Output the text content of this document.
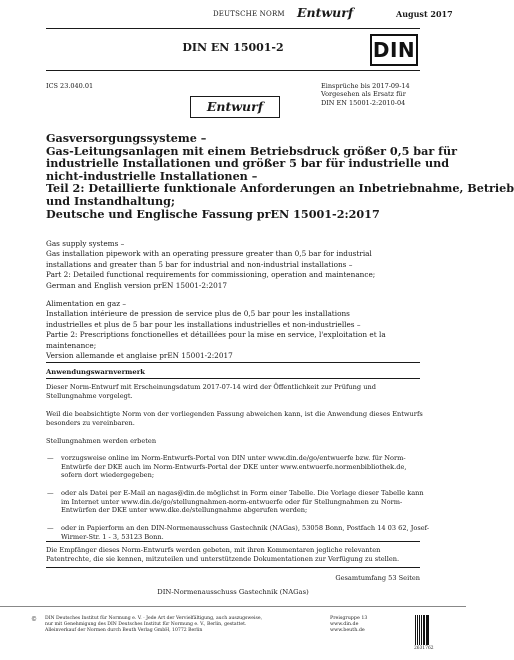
DEUTSCHE NORM Entwurf	August 2017
DIN EN 15001-2	DIN
ICS 23.040.01	Einsprüche bis 2017-09-14
Vorgesehen als Ersatz für
DIN EN 15001-2:2010-04
Entwurf
Gasversorgungssysteme –
Gas-Leitungsanlagen mit einem Betriebsdruck größer 0,5 bar für
industrielle Installationen und größer 5 bar für industrielle und
nicht-industrielle Installationen –
Teil 2: Detaillierte funktionale Anforderungen an Inbetriebnahme, Betrieb
und Instandhaltung;
Deutsche und Englische Fassung prEN 15001-2:2017
Gas supply systems –
Gas installation pipework with an operating pressure greater than 0,5 bar for industrial
installations and greater than 5 bar for industrial and non-industrial installations –
Part 2: Detailed functional requirements for commissioning, operation and maintenance;
German and English version prEN 15001-2:2017
Alimentation en gaz –
Installation intérieure de pression de service plus de 0,5 bar pour les installations
industrielles et plus de 5 bar pour les installations industrielles et non-industrielles –
Partie 2: Prescriptions fonctionelles et détaillées pour la mise en service, l'exploitation et la
maintenance;
Version allemande et anglaise prEN 15001-2:2017
Anwendungswarnvermerk
Dieser Norm-Entwurf mit Erscheinungsdatum 2017-07-14 wird der Öffentlichkeit zur Prüfung und
Stellungnahme vorgelegt.
Weil die beabsichtigte Norm von der vorliegenden Fassung abweichen kann, ist die Anwendung dieses Entwurfs
besonders zu vereinbaren.
Stellungnahmen werden erbeten
— vorzugsweise online im Norm-Entwurfs-Portal von DIN unter www.din.de/go/entwuerfe bzw. für Norm-
Entwürfe der DKE auch im Norm-Entwurfs-Portal der DKE unter www.entwuerfe.normenbibliothek.de,
sofern dort wiedergegeben;
— oder als Datei per E-Mail an nagas@din.de möglichst in Form einer Tabelle. Die Vorlage dieser Tabelle kann
im Internet unter www.din.de/go/stellungnahmen-norm-entwuerfe oder für Stellungnahmen zu Norm-
Entwürfen der DKE unter www.dke.de/stellungnahme abgerufen werden;
— oder in Papierform an den DIN-Normenausschuss Gastechnik (NAGas), 53058 Bonn, Postfach 14 03 62, Josef-
Wirmer-Str. 1 - 3, 53123 Bonn.
Die Empfänger dieses Norm-Entwurfs werden gebeten, mit ihren Kommentaren jegliche relevanten
Patentrechte, die sie kennen, mitzuteilen und unterstützende Dokumentationen zur Verfügung zu stellen.
Gesamtumfang 53 Seiten
DIN-Normenausschuss Gastechnik (NAGas)
© DIN Deutsches Institut für Normung e. V. · Jede Art der Vervielfältigung, auch auszugsweise,
nur mit Genehmigung des DIN Deutsches Institut für Normung e. V., Berlin, gestattet.
Alleinverkauf der Normen durch Beuth Verlag GmbH, 10772 Berlin
Preisgruppe 13
www.din.de
www.beuth.de
2631762
